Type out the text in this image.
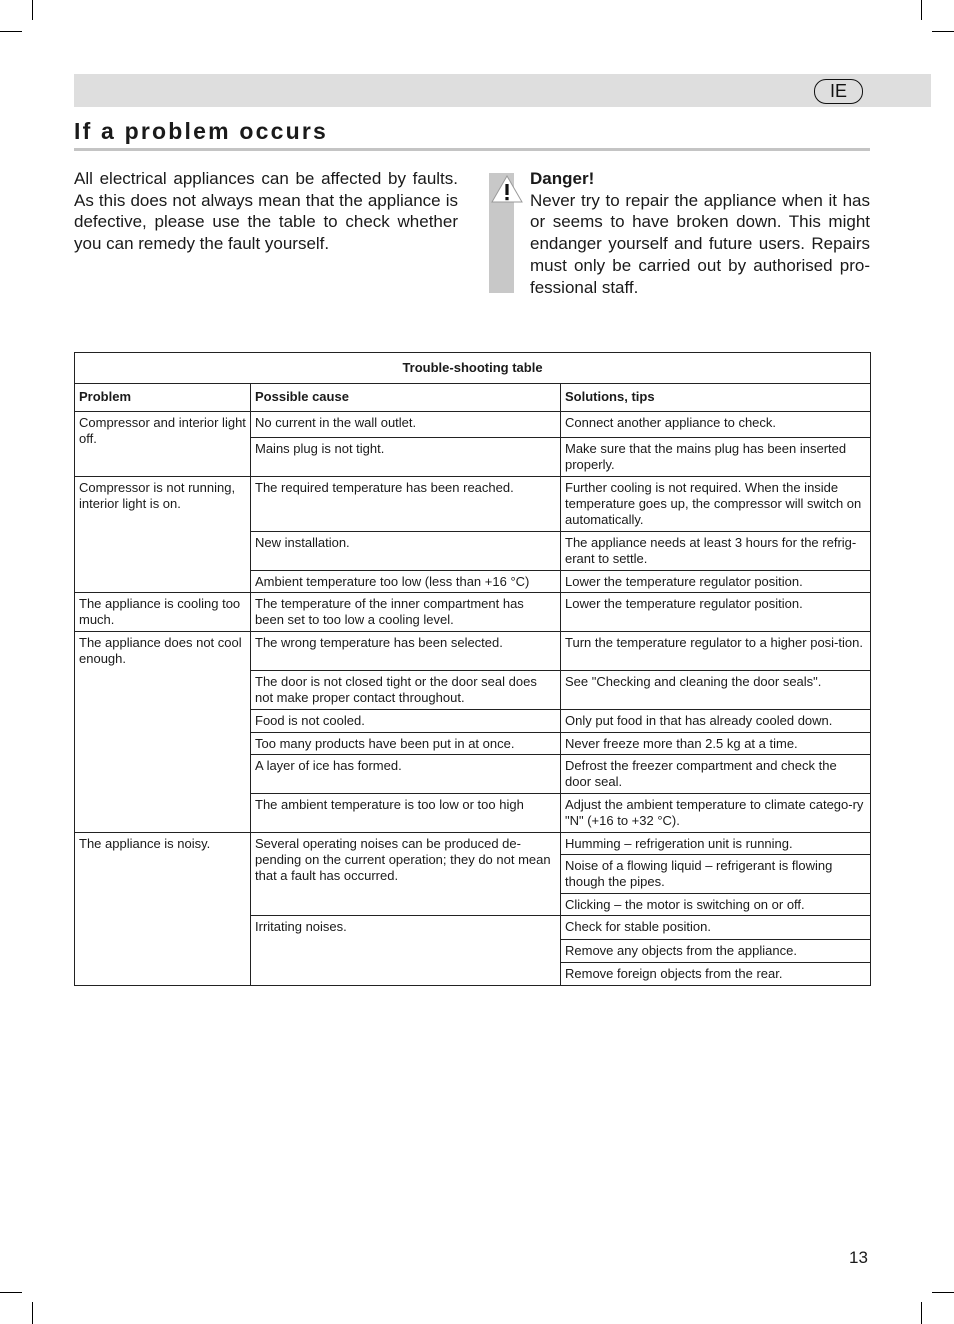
IE
If a problem occurs
All electrical appliances can be affected by faults. As this does not always mean that the appliance is defective, please use the table to check whether you can remedy the fault yourself.
Danger!
Never try to repair the appliance when it has or seems to have broken down. This might endanger yourself and future users. Repairs must only be carried out by authorised pro-fessional staff.
Trouble-shooting table		
Problem	Possible cause	Solutions, tips
Compressor and interior light off.	No current in the wall outlet.	Connect another appliance to check.
	Mains plug is not tight.	Make sure that the mains plug has been inserted properly.
Compressor is not running, interior light is on.	The required temperature has been reached.	Further cooling is not required. When the inside temperature goes up, the compressor will switch on automatically.
	New installation.	The appliance needs at least 3 hours for the refrig-erant to settle.
	Ambient temperature too low (less than +16 °C)	Lower the temperature regulator position.
The appliance is cooling too much.	The temperature of the inner compartment has been set to too low a cooling level.	Lower the temperature regulator position.
The appliance does not cool enough.	The wrong temperature has been selected.	Turn the temperature regulator to a higher posi-tion.
	The door is not closed tight or the door seal does not make proper contact throughout.	See "Checking and cleaning the door seals".
	Food is not cooled.	Only put food in that has already cooled down.
	Too many products have been put in at once.	Never freeze more than 2.5 kg at a time.
	A layer of ice has formed.	Defrost the freezer compartment and check the door seal.
	The ambient temperature is too low or too high	Adjust the ambient temperature to climate catego-ry "N" (+16 to +32 °C).
The appliance is noisy.	Several operating noises can be produced de-pending on the current operation; they do not mean that a fault has occurred.	Humming – refrigeration unit is running.
		Noise of a flowing liquid – refrigerant is flowing though the pipes.
		Clicking – the motor is switching on or off.
	Irritating noises.	Check for stable position.
		Remove any objects from the appliance.
		Remove foreign objects from the rear.
13
